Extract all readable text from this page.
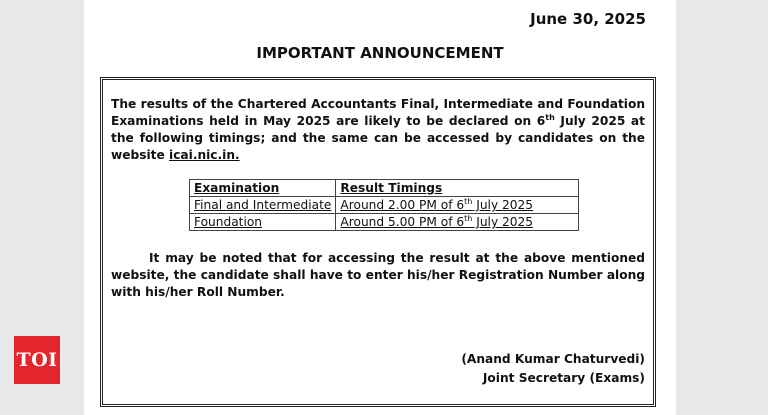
June 30, 2025
IMPORTANT ANNOUNCEMENT

The results of the Chartered Accountants Final, Intermediate and Foundation Examinations held in May 2025 are likely to be declared on 6th July 2025 at the following timings; and the same can be accessed by candidates on the website icai.nic.in.

Examination	Result Timings
Final and Intermediate	Around 2.00 PM of 6th July 2025
Foundation	Around 5.00 PM of 6th July 2025

It may be noted that for accessing the result at the above mentioned website, the candidate shall have to enter his/her Registration Number along with his/her Roll Number.

(Anand Kumar Chaturvedi)
Joint Secretary (Exams)
TOI
